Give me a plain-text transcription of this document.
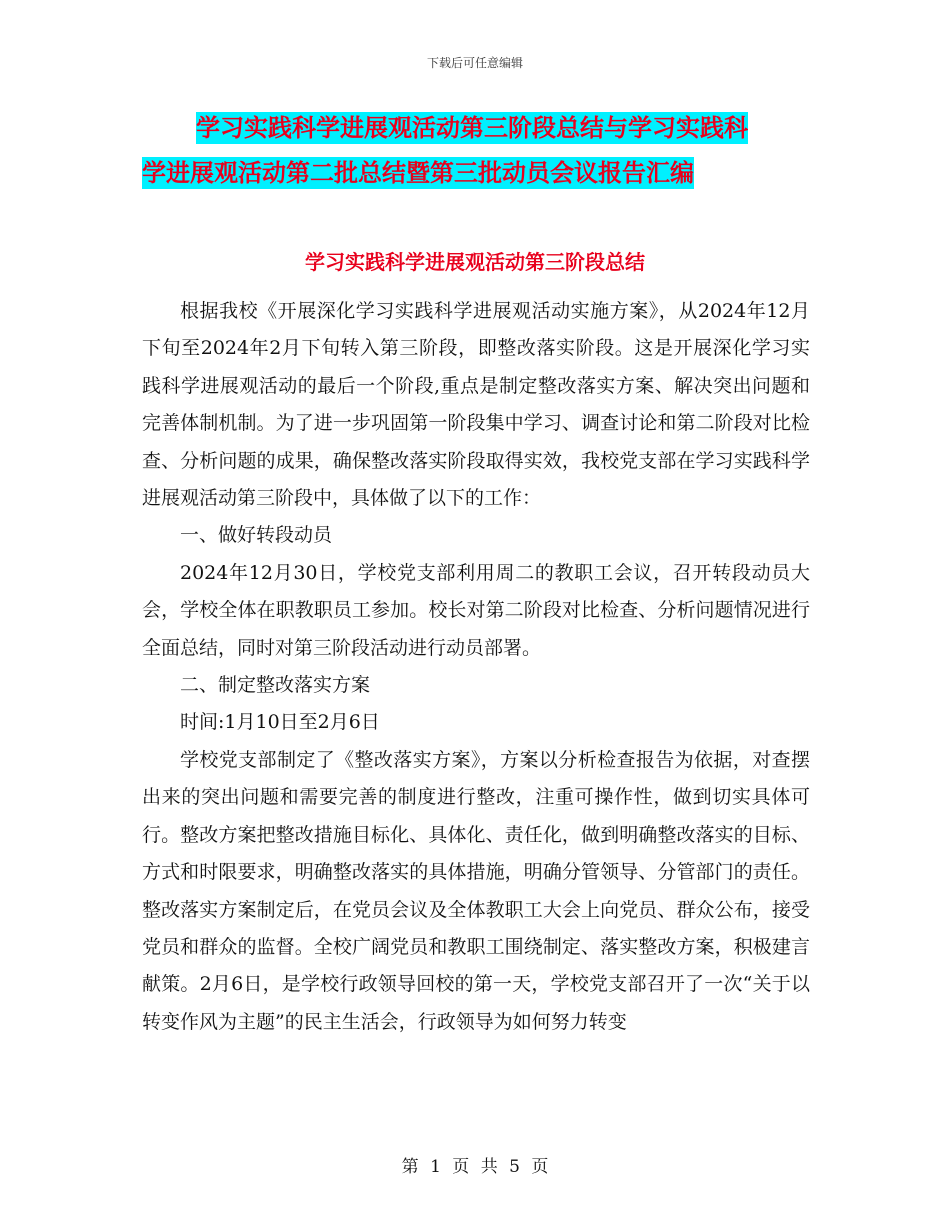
下载后可任意编辑
学习实践科学进展观活动第三阶段总结与学习实践科
学进展观活动第二批总结暨第三批动员会议报告汇编
学习实践科学进展观活动第三阶段总结

根据我校《开展深化学习实践科学进展观活动实施方案》，从2024年12月下旬至2024年2月下旬转入第三阶段，即整改落实阶段。这是开展深化学习实践科学进展观活动的最后一个阶段,重点是制定整改落实方案、解决突出问题和完善体制机制。为了进一步巩固第一阶段集中学习、调查讨论和第二阶段对比检查、分析问题的成果，确保整改落实阶段取得实效，我校党支部在学习实践科学进展观活动第三阶段中，具体做了以下的工作：

一、做好转段动员

2024年12月30日，学校党支部利用周二的教职工会议，召开转段动员大会，学校全体在职教职员工参加。校长对第二阶段对比检查、分析问题情况进行全面总结，同时对第三阶段活动进行动员部署。

二、制定整改落实方案

时间:1月10日至2月6日

学校党支部制定了《整改落实方案》，方案以分析检查报告为依据，对查摆出来的突出问题和需要完善的制度进行整改，注重可操作性，做到切实具体可行。整改方案把整改措施目标化、具体化、责任化，做到明确整改落实的目标、方式和时限要求，明确整改落实的具体措施，明确分管领导、分管部门的责任。整改落实方案制定后，在党员会议及全体教职工大会上向党员、群众公布，接受党员和群众的监督。全校广阔党员和教职工围绕制定、落实整改方案，积极建言献策。2月6日，是学校行政领导回校的第一天，学校党支部召开了一次“关于以转变作风为主题”的民主生活会，行政领导为如何努力转变

第 1 页 共 5 页
